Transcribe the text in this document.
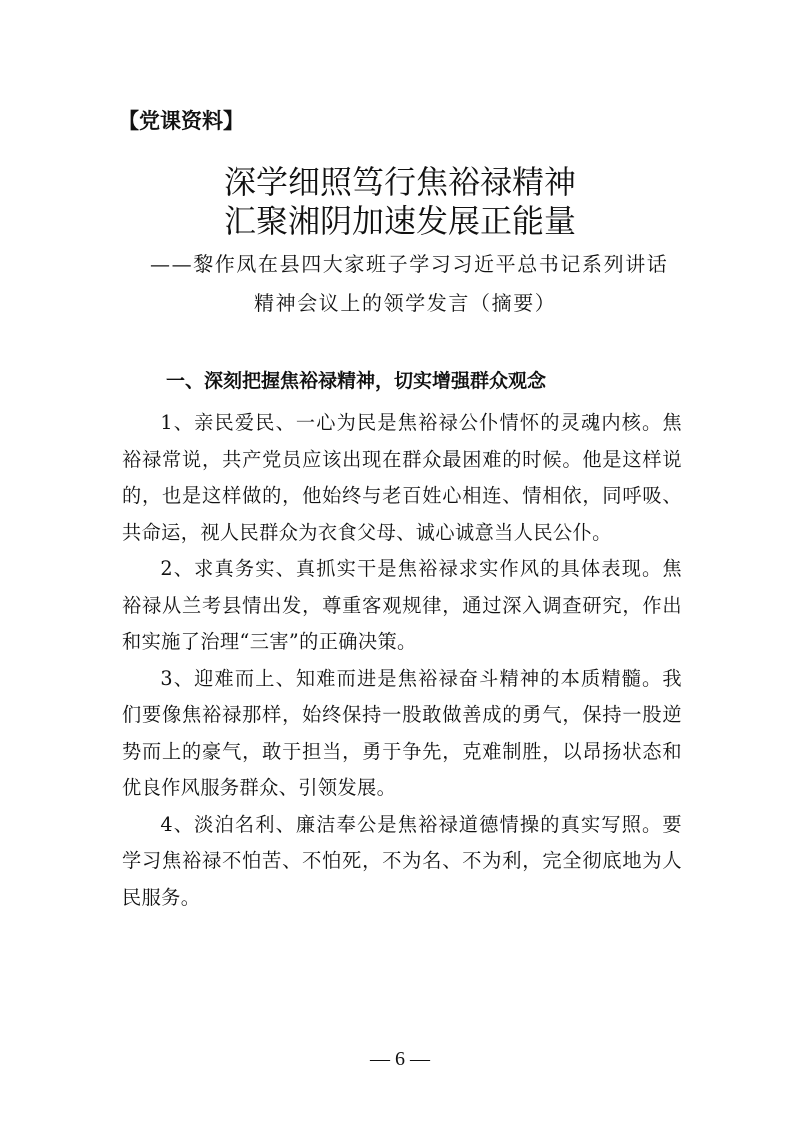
【党课资料】

深学细照笃行焦裕禄精神
汇聚湘阴加速发展正能量

——黎作凤在县四大家班子学习习近平总书记系列讲话

精神会议上的领学发言（摘要）

一、深刻把握焦裕禄精神，切实增强群众观念

1、亲民爱民、一心为民是焦裕禄公仆情怀的灵魂内核。焦裕禄常说，共产党员应该出现在群众最困难的时候。他是这样说的，也是这样做的，他始终与老百姓心相连、情相依，同呼吸、共命运，视人民群众为衣食父母、诚心诚意当人民公仆。

2、求真务实、真抓实干是焦裕禄求实作风的具体表现。焦裕禄从兰考县情出发，尊重客观规律，通过深入调查研究，作出和实施了治理“三害”的正确决策。

3、迎难而上、知难而进是焦裕禄奋斗精神的本质精髓。我们要像焦裕禄那样，始终保持一股敢做善成的勇气，保持一股逆势而上的豪气，敢于担当，勇于争先，克难制胜，以昂扬状态和优良作风服务群众、引领发展。

4、淡泊名利、廉洁奉公是焦裕禄道德情操的真实写照。要学习焦裕禄不怕苦、不怕死，不为名、不为利，完全彻底地为人民服务。

— 6 —
